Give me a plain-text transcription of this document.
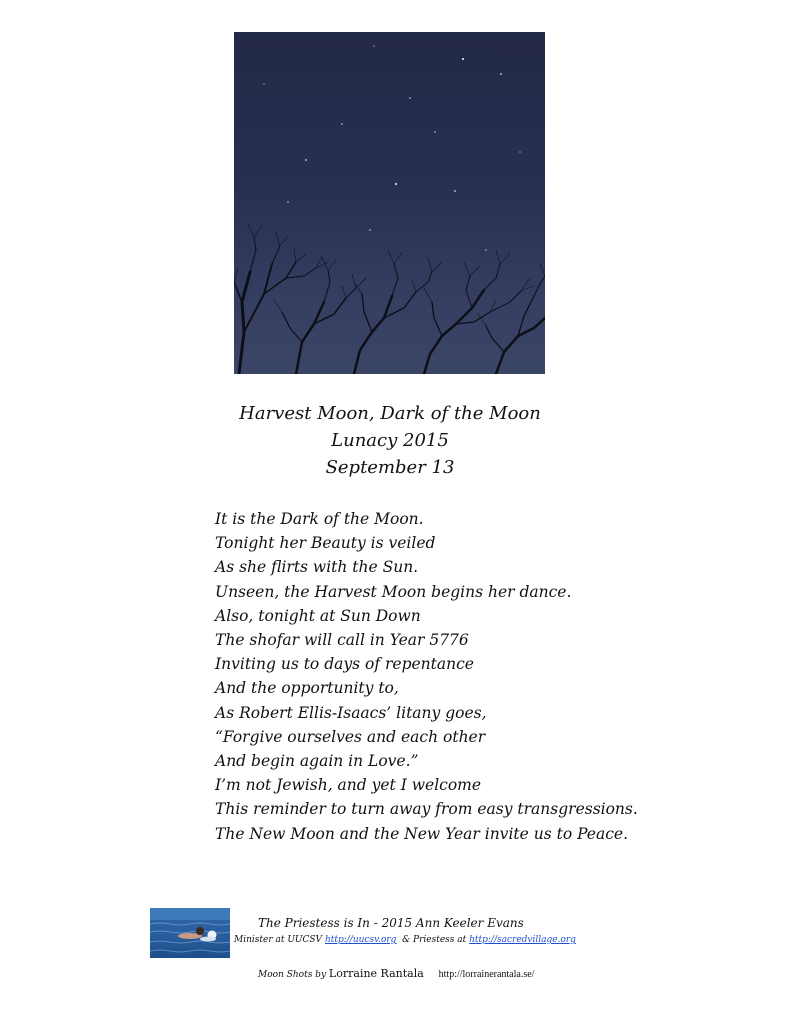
Harvest Moon, Dark of the Moon
Lunacy 2015
September 13
It is the Dark of the Moon.
Tonight her Beauty is veiled
As she flirts with the Sun.
Unseen, the Harvest Moon begins her dance.
Also, tonight at Sun Down
The shofar will call in Year 5776
Inviting us to days of repentance
And the opportunity to,
As Robert Ellis-Isaacs’ litany goes,
“Forgive ourselves and each other
And begin again in Love.”
I’m not Jewish, and yet I welcome
This reminder to turn away from easy transgressions.
The New Moon and the New Year invite us to Peace.
The Priestess is In - 2015 Ann Keeler Evans
Minister at UUCSV http://uucsv.org & Priestess at http://sacredvillage.org
Moon Shots by Lorraine Rantala http://lorrainerantala.se/
